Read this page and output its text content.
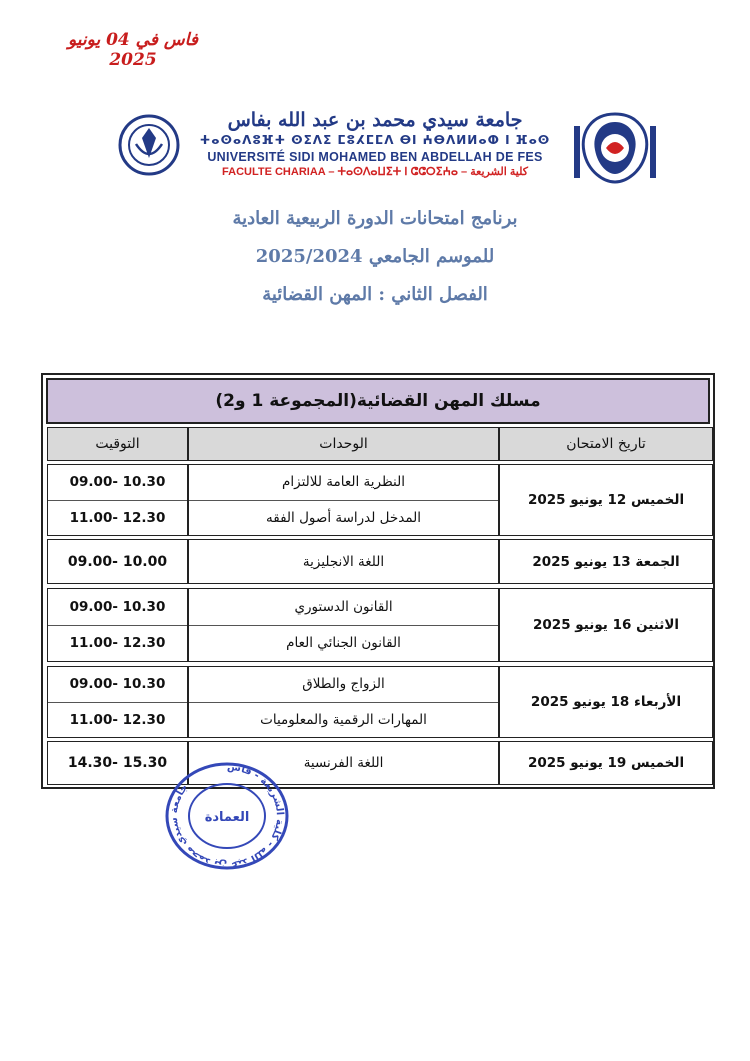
فاس في 04 يونيو 2025
جامعة سيدي محمد بن عبد الله بفاس
ⵜⴰⵙⴰⴷⵓⴼⵜ ⵙⵉⴷⵉ ⵎⵓⵃⵎⵎⴷ ⴱⵏ ⵄⴱⴷⵍⵍⴰⵀ ⵏ ⴼⴰⵙ
UNIVERSITÉ SIDI MOHAMED BEN ABDELLAH DE FES
FACULTE CHARIAA – ⵜⴰⵙⴷⴰⵡⵉⵜ ⵏ ⵛⵛⵔⵉⵄⴰ – كلية الشريعة
برنامج امتحانات الدورة الربيعية العادية
للموسم الجامعي 2025/2024
الفصل الثاني : المهن القضائية
مسلك المهن القضائية(المجموعة 1 و2)
تاريخ الامتحان
الوحدات
التوقيت
الخميس 12 يونيو 2025
النظرية العامة للالتزام
المدخل لدراسة أصول الفقه
09.00- 10.30
11.00- 12.30
الجمعة 13 يونيو 2025
اللغة الانجليزية
09.00- 10.00
الاثنين 16 يونيو 2025
القانون الدستوري
القانون الجنائي العام
09.00- 10.30
11.00- 12.30
الأربعاء 18 يونيو 2025
الزواج والطلاق
المهارات الرقمية والمعلوميات
09.00- 10.30
11.00- 12.30
الخميس 19 يونيو 2025
اللغة الفرنسية
14.30- 15.30	جامعة سيدي محمد بن عبد الله - كلية الشريعة - فاس
العمادة
